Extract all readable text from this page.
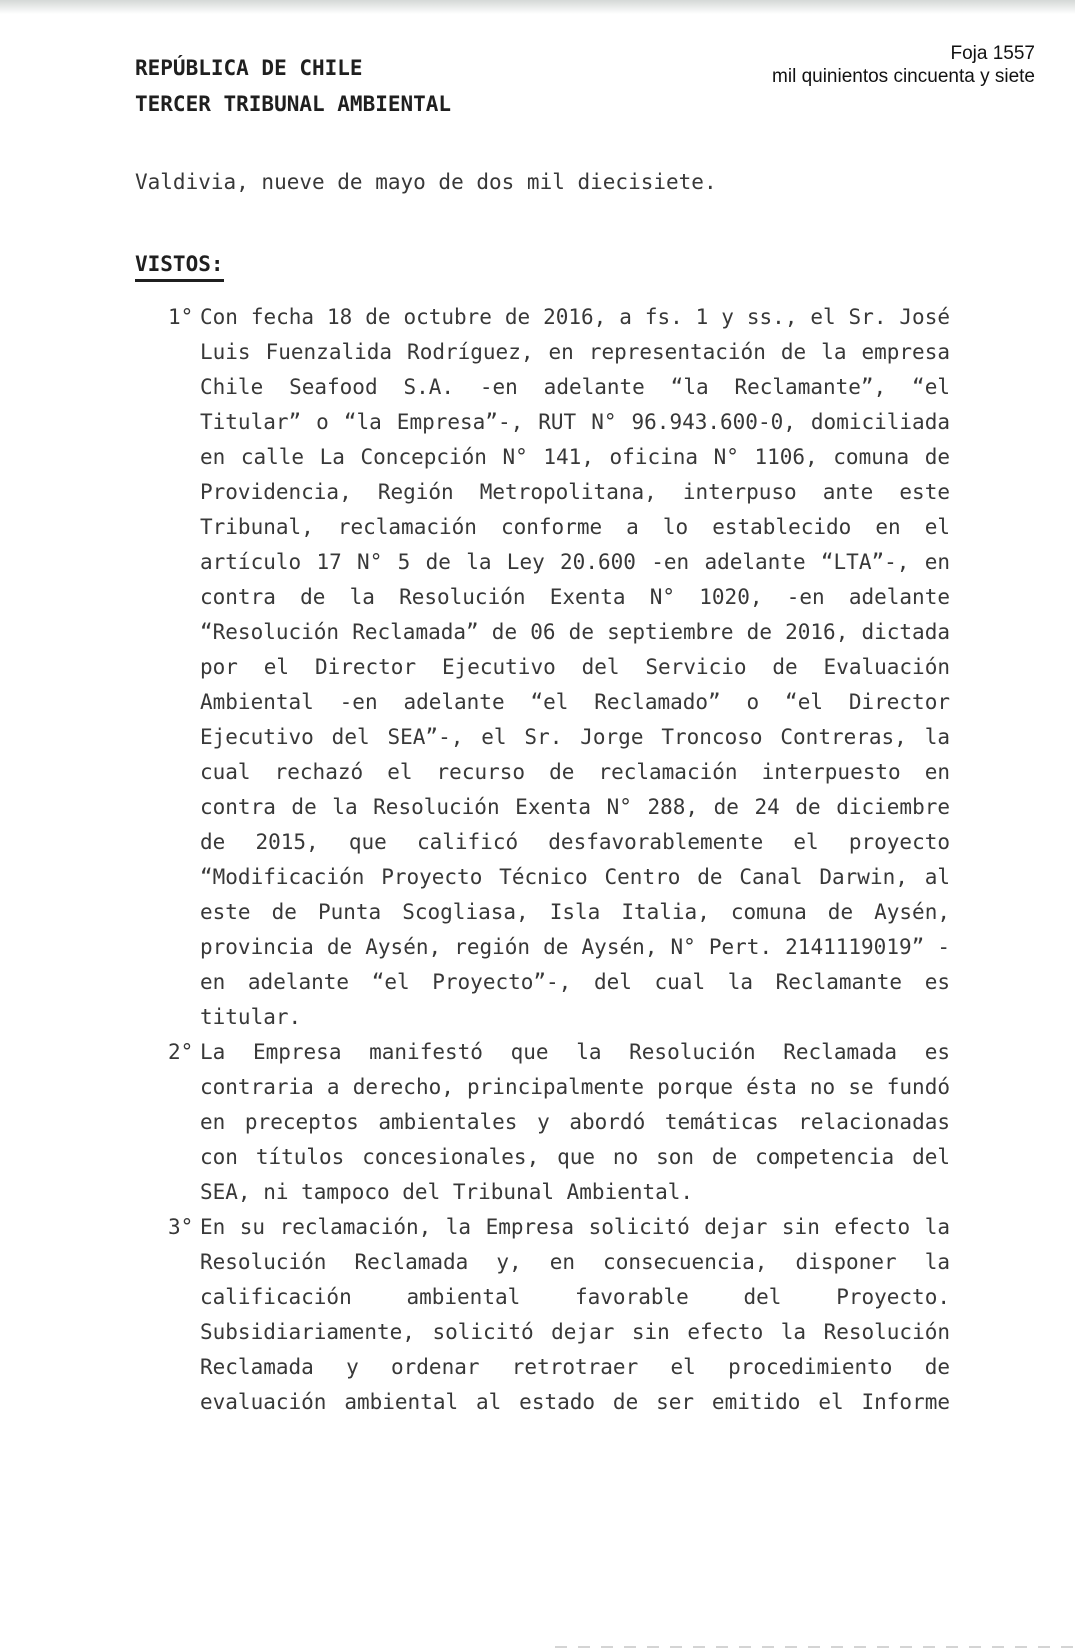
REPÚBLICA DE CHILE
TERCER TRIBUNAL AMBIENTAL
Foja 1557
mil quinientos cincuenta y siete
Valdivia, nueve de mayo de dos mil diecisiete.
VISTOS:
1° Con fecha 18 de octubre de 2016, a fs. 1 y ss., el Sr. José Luis Fuenzalida Rodríguez, en representación de la empresa Chile Seafood S.A. -en adelante “la Reclamante”, “el Titular” o “la Empresa”-, RUT N° 96.943.600-0, domiciliada en calle La Concepción N° 141, oficina N° 1106, comuna de Providencia, Región Metropolitana, interpuso ante este Tribunal, reclamación conforme a lo establecido en el artículo 17 N° 5 de la Ley 20.600 -en adelante “LTA”-, en contra de la Resolución Exenta N° 1020, -en adelante “Resolución Reclamada” de 06 de septiembre de 2016, dictada por el Director Ejecutivo del Servicio de Evaluación Ambiental -en adelante “el Reclamado” o “el Director Ejecutivo del SEA”-, el Sr. Jorge Troncoso Contreras, la cual rechazó el recurso de reclamación interpuesto en contra de la Resolución Exenta N° 288, de 24 de diciembre de 2015, que calificó desfavorablemente el proyecto “Modificación Proyecto Técnico Centro de Canal Darwin, al este de Punta Scogliasa, Isla Italia, comuna de Aysén, provincia de Aysén, región de Aysén, N° Pert. 2141119019” -en adelante “el Proyecto”-, del cual la Reclamante es titular.
2° La Empresa manifestó que la Resolución Reclamada es contraria a derecho, principalmente porque ésta no se fundó en preceptos ambientales y abordó temáticas relacionadas con títulos concesionales, que no son de competencia del SEA, ni tampoco del Tribunal Ambiental.
3° En su reclamación, la Empresa solicitó dejar sin efecto la Resolución Reclamada y, en consecuencia, disponer la calificación ambiental favorable del Proyecto. Subsidiariamente, solicitó dejar sin efecto la Resolución Reclamada y ordenar retrotraer el procedimiento de evaluación ambiental al estado de ser emitido el Informe
